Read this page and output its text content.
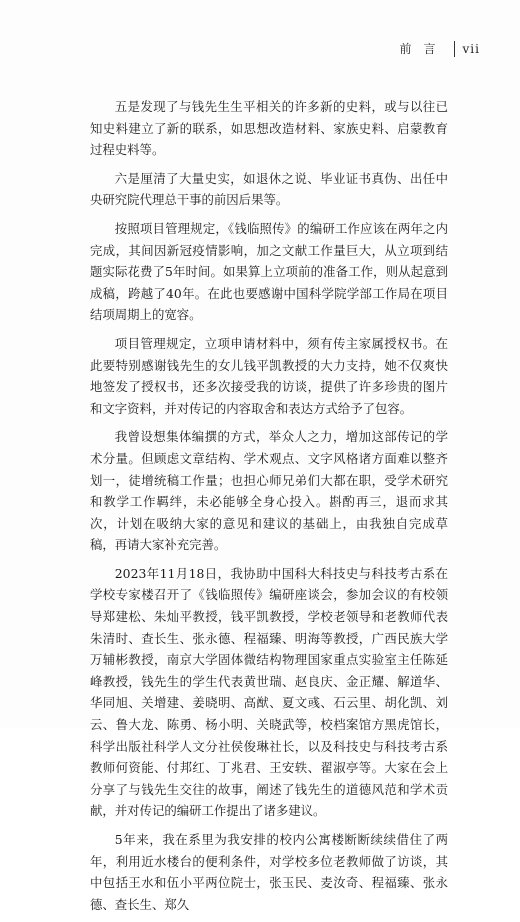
前言 vii

五是发现了与钱先生生平相关的许多新的史料，或与以往已知史料建立了新的联系，如思想改造材料、家族史料、启蒙教育过程史料等。

六是厘清了大量史实，如退休之说、毕业证书真伪、出任中央研究院代理总干事的前因后果等。

按照项目管理规定，《钱临照传》的编研工作应该在两年之内完成，其间因新冠疫情影响，加之文献工作量巨大，从立项到结题实际花费了5年时间。如果算上立项前的准备工作，则从起意到成稿，跨越了40年。在此也要感谢中国科学院学部工作局在项目结项周期上的宽容。

项目管理规定，立项申请材料中，须有传主家属授权书。在此要特别感谢钱先生的女儿钱平凯教授的大力支持，她不仅爽快地签发了授权书，还多次接受我的访谈，提供了许多珍贵的图片和文字资料，并对传记的内容取舍和表达方式给予了包容。

我曾设想集体编撰的方式，举众人之力，增加这部传记的学术分量。但顾虑文章结构、学术观点、文字风格诸方面难以整齐划一，徒增统稿工作量；也担心师兄弟们大都在职，受学术研究和教学工作羁绊，未必能够全身心投入。斟酌再三，退而求其次，计划在吸纳大家的意见和建议的基础上，由我独自完成草稿，再请大家补充完善。

2023年11月18日，我协助中国科大科技史与科技考古系在学校专家楼召开了《钱临照传》编研座谈会，参加会议的有校领导郑建松、朱灿平教授，钱平凯教授，学校老领导和老教师代表朱清时、查长生、张永德、程福臻、明海等教授，广西民族大学万辅彬教授，南京大学固体微结构物理国家重点实验室主任陈延峰教授，钱先生的学生代表黄世瑞、赵良庆、金正耀、解道华、华同旭、关增建、姜晓明、高猷、夏文彧、石云里、胡化凯、刘云、鲁大龙、陈勇、杨小明、关晓武等，校档案馆方黑虎馆长，科学出版社科学人文分社侯俊琳社长，以及科技史与科技考古系教师何资能、付邦红、丁兆君、王安轶、翟淑亭等。大家在会上分享了与钱先生交往的故事，阐述了钱先生的道德风范和学术贡献，并对传记的编研工作提出了诸多建议。

5年来，我在系里为我安排的校内公寓楼断断续续借住了两年，利用近水楼台的便利条件，对学校多位老教师做了访谈，其中包括王水和伍小平两位院士，张玉民、麦汝奇、程福臻、张永德、查长生、郑久
